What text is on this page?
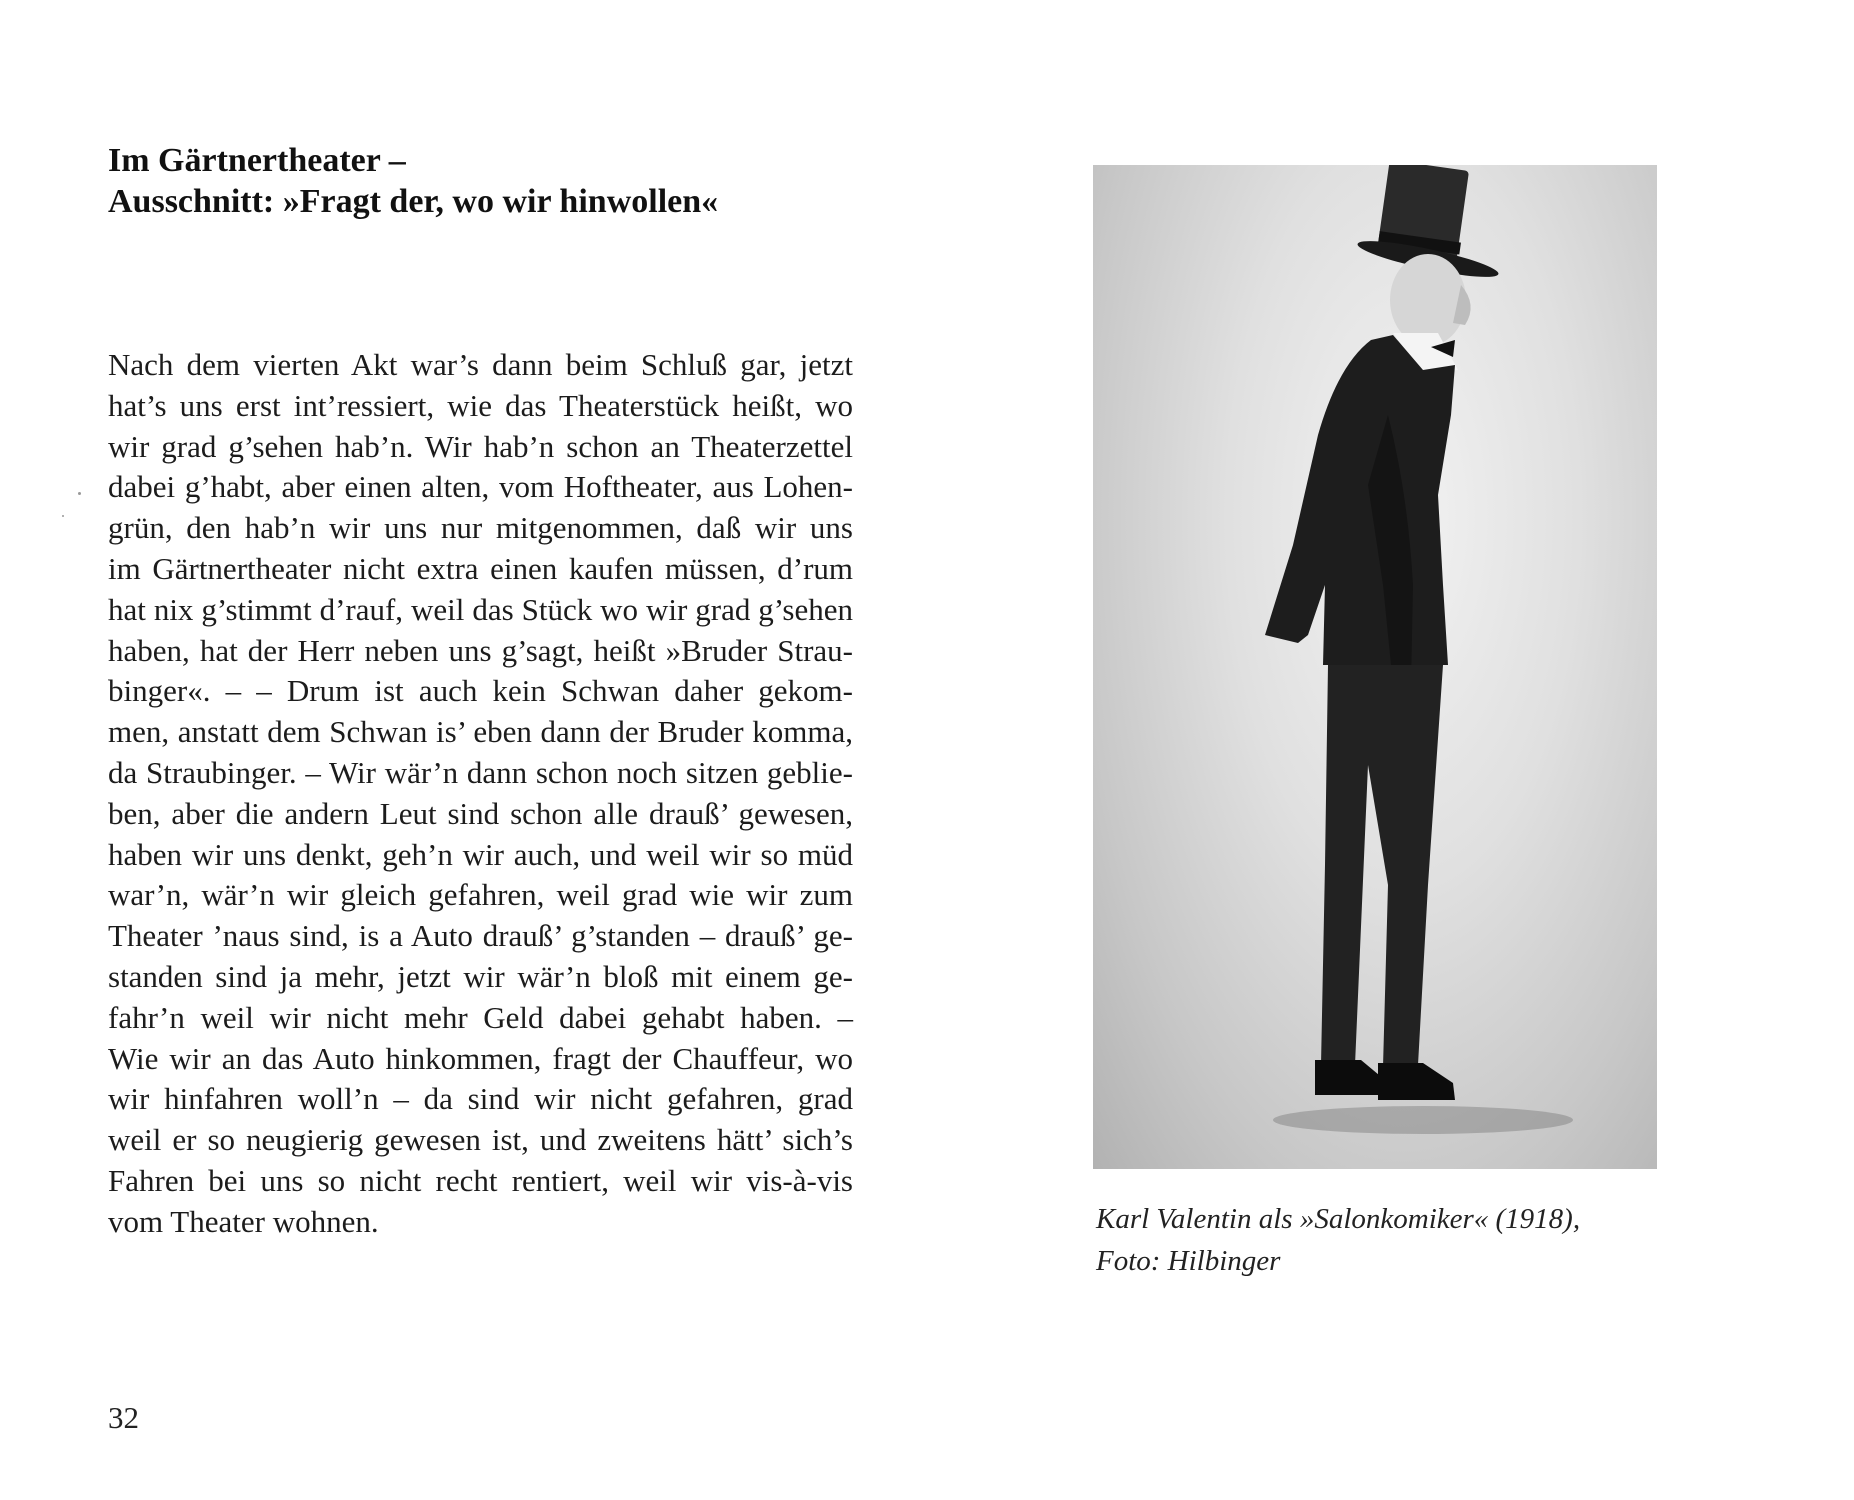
Im Gärtnertheater –
Ausschnitt: »Fragt der, wo wir hinwollen«
Nach dem vierten Akt war’s dann beim Schluß gar, jetzt
hat’s uns erst int’ressiert, wie das Theaterstück heißt, wo
wir grad g’sehen hab’n. Wir hab’n schon an Theaterzettel
dabei g’habt, aber einen alten, vom Hoftheater, aus Lohen-
grün, den hab’n wir uns nur mitgenommen, daß wir uns
im Gärtnertheater nicht extra einen kaufen müssen, d’rum
hat nix g’stimmt d’rauf, weil das Stück wo wir grad g’sehen
haben, hat der Herr neben uns g’sagt, heißt »Bruder Strau-
binger«. – – Drum ist auch kein Schwan daher gekom-
men, anstatt dem Schwan is’ eben dann der Bruder komma,
da Straubinger. – Wir wär’n dann schon noch sitzen geblie-
ben, aber die andern Leut sind schon alle drauß’ gewesen,
haben wir uns denkt, geh’n wir auch, und weil wir so müd
war’n, wär’n wir gleich gefahren, weil grad wie wir zum
Theater ’naus sind, is a Auto drauß’ g’standen – drauß’ ge-
standen sind ja mehr, jetzt wir wär’n bloß mit einem ge-
fahr’n weil wir nicht mehr Geld dabei gehabt haben. –
Wie wir an das Auto hinkommen, fragt der Chauffeur, wo
wir hinfahren woll’n – da sind wir nicht gefahren, grad
weil er so neugierig gewesen ist, und zweitens hätt’ sich’s
Fahren bei uns so nicht recht rentiert, weil wir vis-à-vis
vom Theater wohnen.	Karl Valentin als »Salonkomiker« (1918),
Foto: Hilbinger
32
